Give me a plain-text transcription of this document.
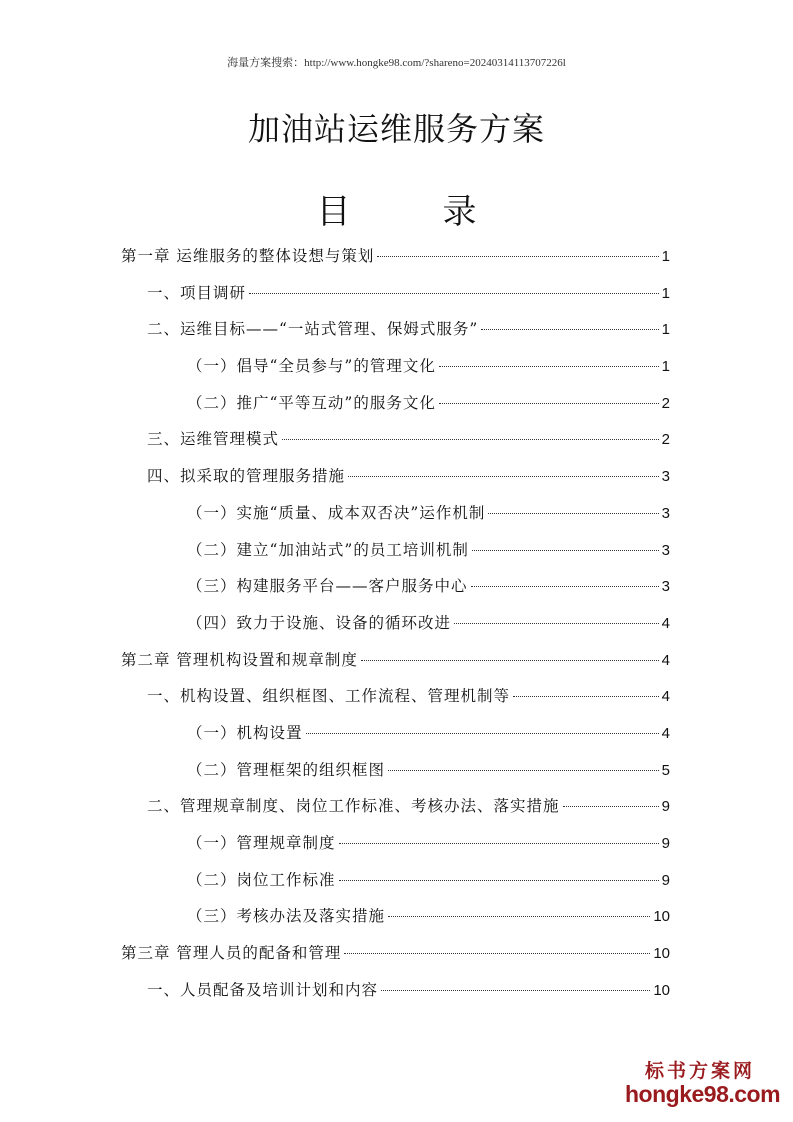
海量方案搜索：http://www.hongke98.com/?shareno=20240314113707226l
加油站运维服务方案
目	录
第一章 运维服务的整体设想与策划	1
一、项目调研	1
二、运维目标——“一站式管理、保姆式服务”	1
（一）倡导“全员参与”的管理文化	1
（二）推广“平等互动”的服务文化	2
三、运维管理模式	2
四、拟采取的管理服务措施	3
（一）实施“质量、成本双否决”运作机制	3
（二）建立“加油站式”的员工培训机制	3
（三）构建服务平台——客户服务中心	3
（四）致力于设施、设备的循环改进	4
第二章 管理机构设置和规章制度	4
一、机构设置、组织框图、工作流程、管理机制等	4
（一）机构设置	4
（二）管理框架的组织框图	5
二、管理规章制度、岗位工作标准、考核办法、落实措施	9
（一）管理规章制度	9
（二）岗位工作标准	9
（三）考核办法及落实措施	10
第三章 管理人员的配备和管理	10
一、人员配备及培训计划和内容	10
标书方案网
hongke98.com
